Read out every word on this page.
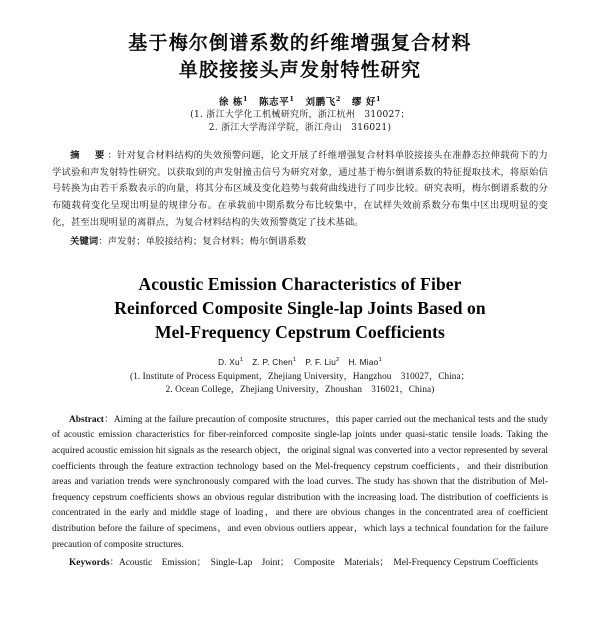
基于梅尔倒谱系数的纤维增强复合材料
单胶接接头声发射特性研究
徐 栋$^1$ 陈志平$^1$ 刘鹏飞$^2$ 缪 好$^1$
(1. 浙江大学化工机械研究所，浙江杭州　310027；
2. 浙江大学海洋学院，浙江舟山　316021)
摘　要：针对复合材料结构的失效预警问题，论文开展了纤维增强复合材料单胶接接头在准静态拉伸载荷下的力学试验和声发射特性研究。以获取到的声发射撞击信号为研究对象，通过基于梅尔倒谱系数的特征提取技术，将原始信号转换为由若干系数表示的向量，将其分布区域及变化趋势与载荷曲线进行了同步比较。研究表明，梅尔倒谱系数的分布随载荷变化呈现出明显的规律分布。在承载前中期系数分布比较集中，在试样失效前系数分布集中区出现明显的变化，甚至出现明显的离群点，为复合材料结构的失效预警奠定了技术基础。
关键词：声发射；单胶接结构；复合材料；梅尔倒谱系数
Acoustic Emission Characteristics of Fiber
Reinforced Composite Single-lap Joints Based on
Mel-Frequency Cepstrum Coefficients
D. Xu$^1$ Z. P. Chen$^1$ P. F. Liu$^2$ H. Miao$^1$
(1. Institute of Process Equipment，Zhejiang University，Hangzhou　310027，China；
2. Ocean College，Zhejiang University，Zhoushan　316021，China)
Abstract：Aiming at the failure precaution of composite structures，this paper carried out the mechanical tests and the study of acoustic emission characteristics for fiber-reinforced composite single-lap joints under quasi-static tensile loads. Taking the acquired acoustic emission hit signals as the research object，the original signal was converted into a vector represented by several coefficients through the feature extraction technology based on the Mel-frequency cepstrum coefficients，and their distribution areas and variation trends were synchronously compared with the load curves. The study has shown that the distribution of Mel-frequency cepstrum coefficients shows an obvious regular distribution with the increasing load. The distribution of coefficients is concentrated in the early and middle stage of loading，and there are obvious changes in the concentrated area of coefficient distribution before the failure of specimens，and even obvious outliers appear，which lays a technical foundation for the failure precaution of composite structures.
Keywords：Acoustic　Emission；　Single-Lap　Joint；　Composite　Materials；　Mel-Frequency Cepstrum Coefficients
